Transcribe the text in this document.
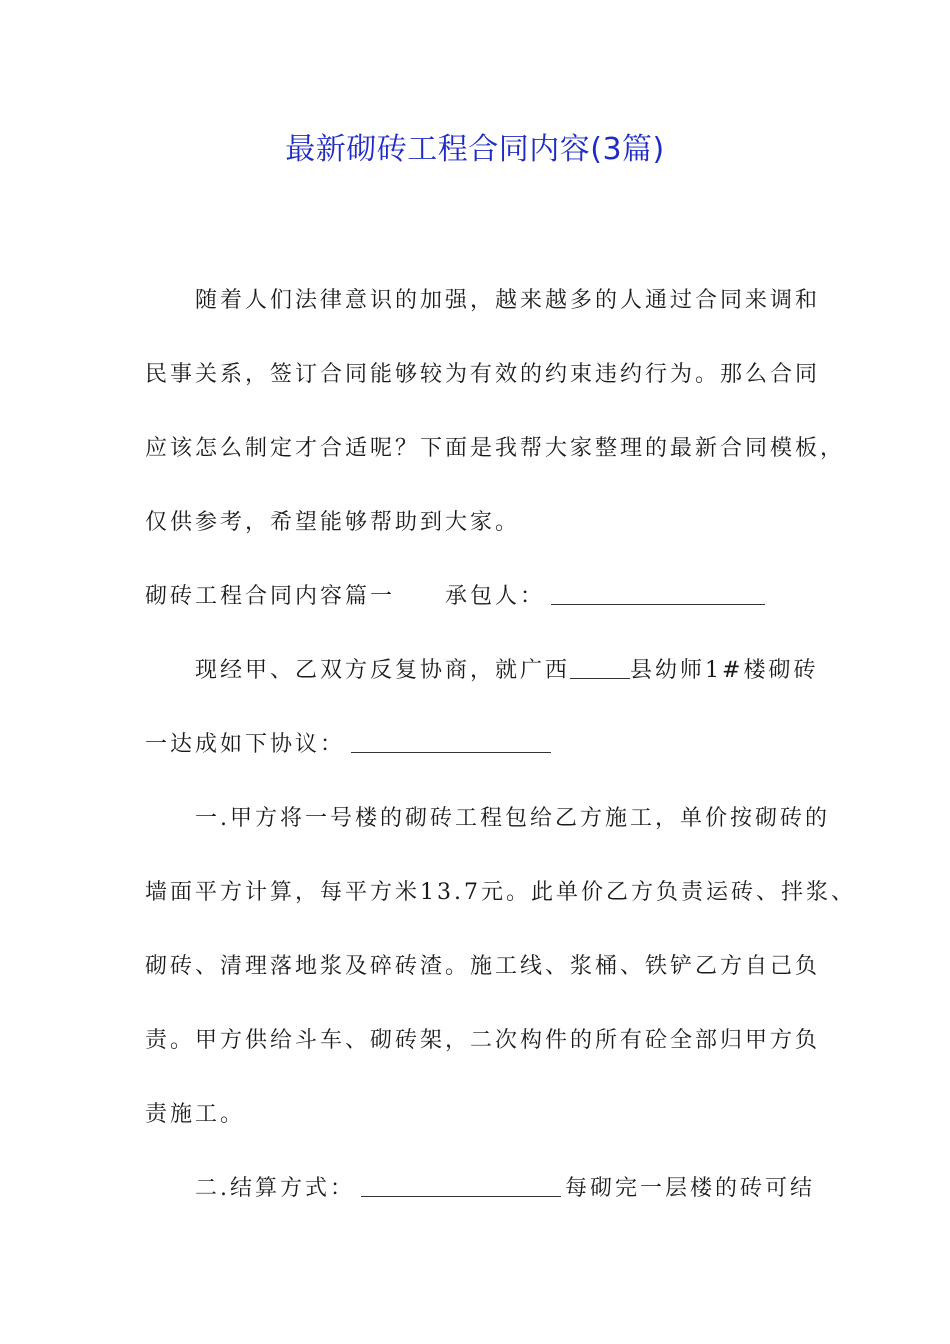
最新砌砖工程合同内容(3篇)
随着人们法律意识的加强，越来越多的人通过合同来调和
民事关系，签订合同能够较为有效的约束违约行为。那么合同
应该怎么制定才合适呢？下面是我帮大家整理的最新合同模板，
仅供参考，希望能够帮助到大家。
砌砖工程合同内容篇一 承包人：
现经甲、乙双方反复协商，就广西	县幼师1#楼砌砖
一达成如下协议：
一.甲方将一号楼的砌砖工程包给乙方施工，单价按砌砖的
墙面平方计算，每平方米13.7元。此单价乙方负责运砖、拌浆、
砌砖、清理落地浆及碎砖渣。施工线、浆桶、铁铲乙方自己负
责。甲方供给斗车、砌砖架，二次构件的所有砼全部归甲方负
责施工。
二.结算方式：	每砌完一层楼的砖可结
